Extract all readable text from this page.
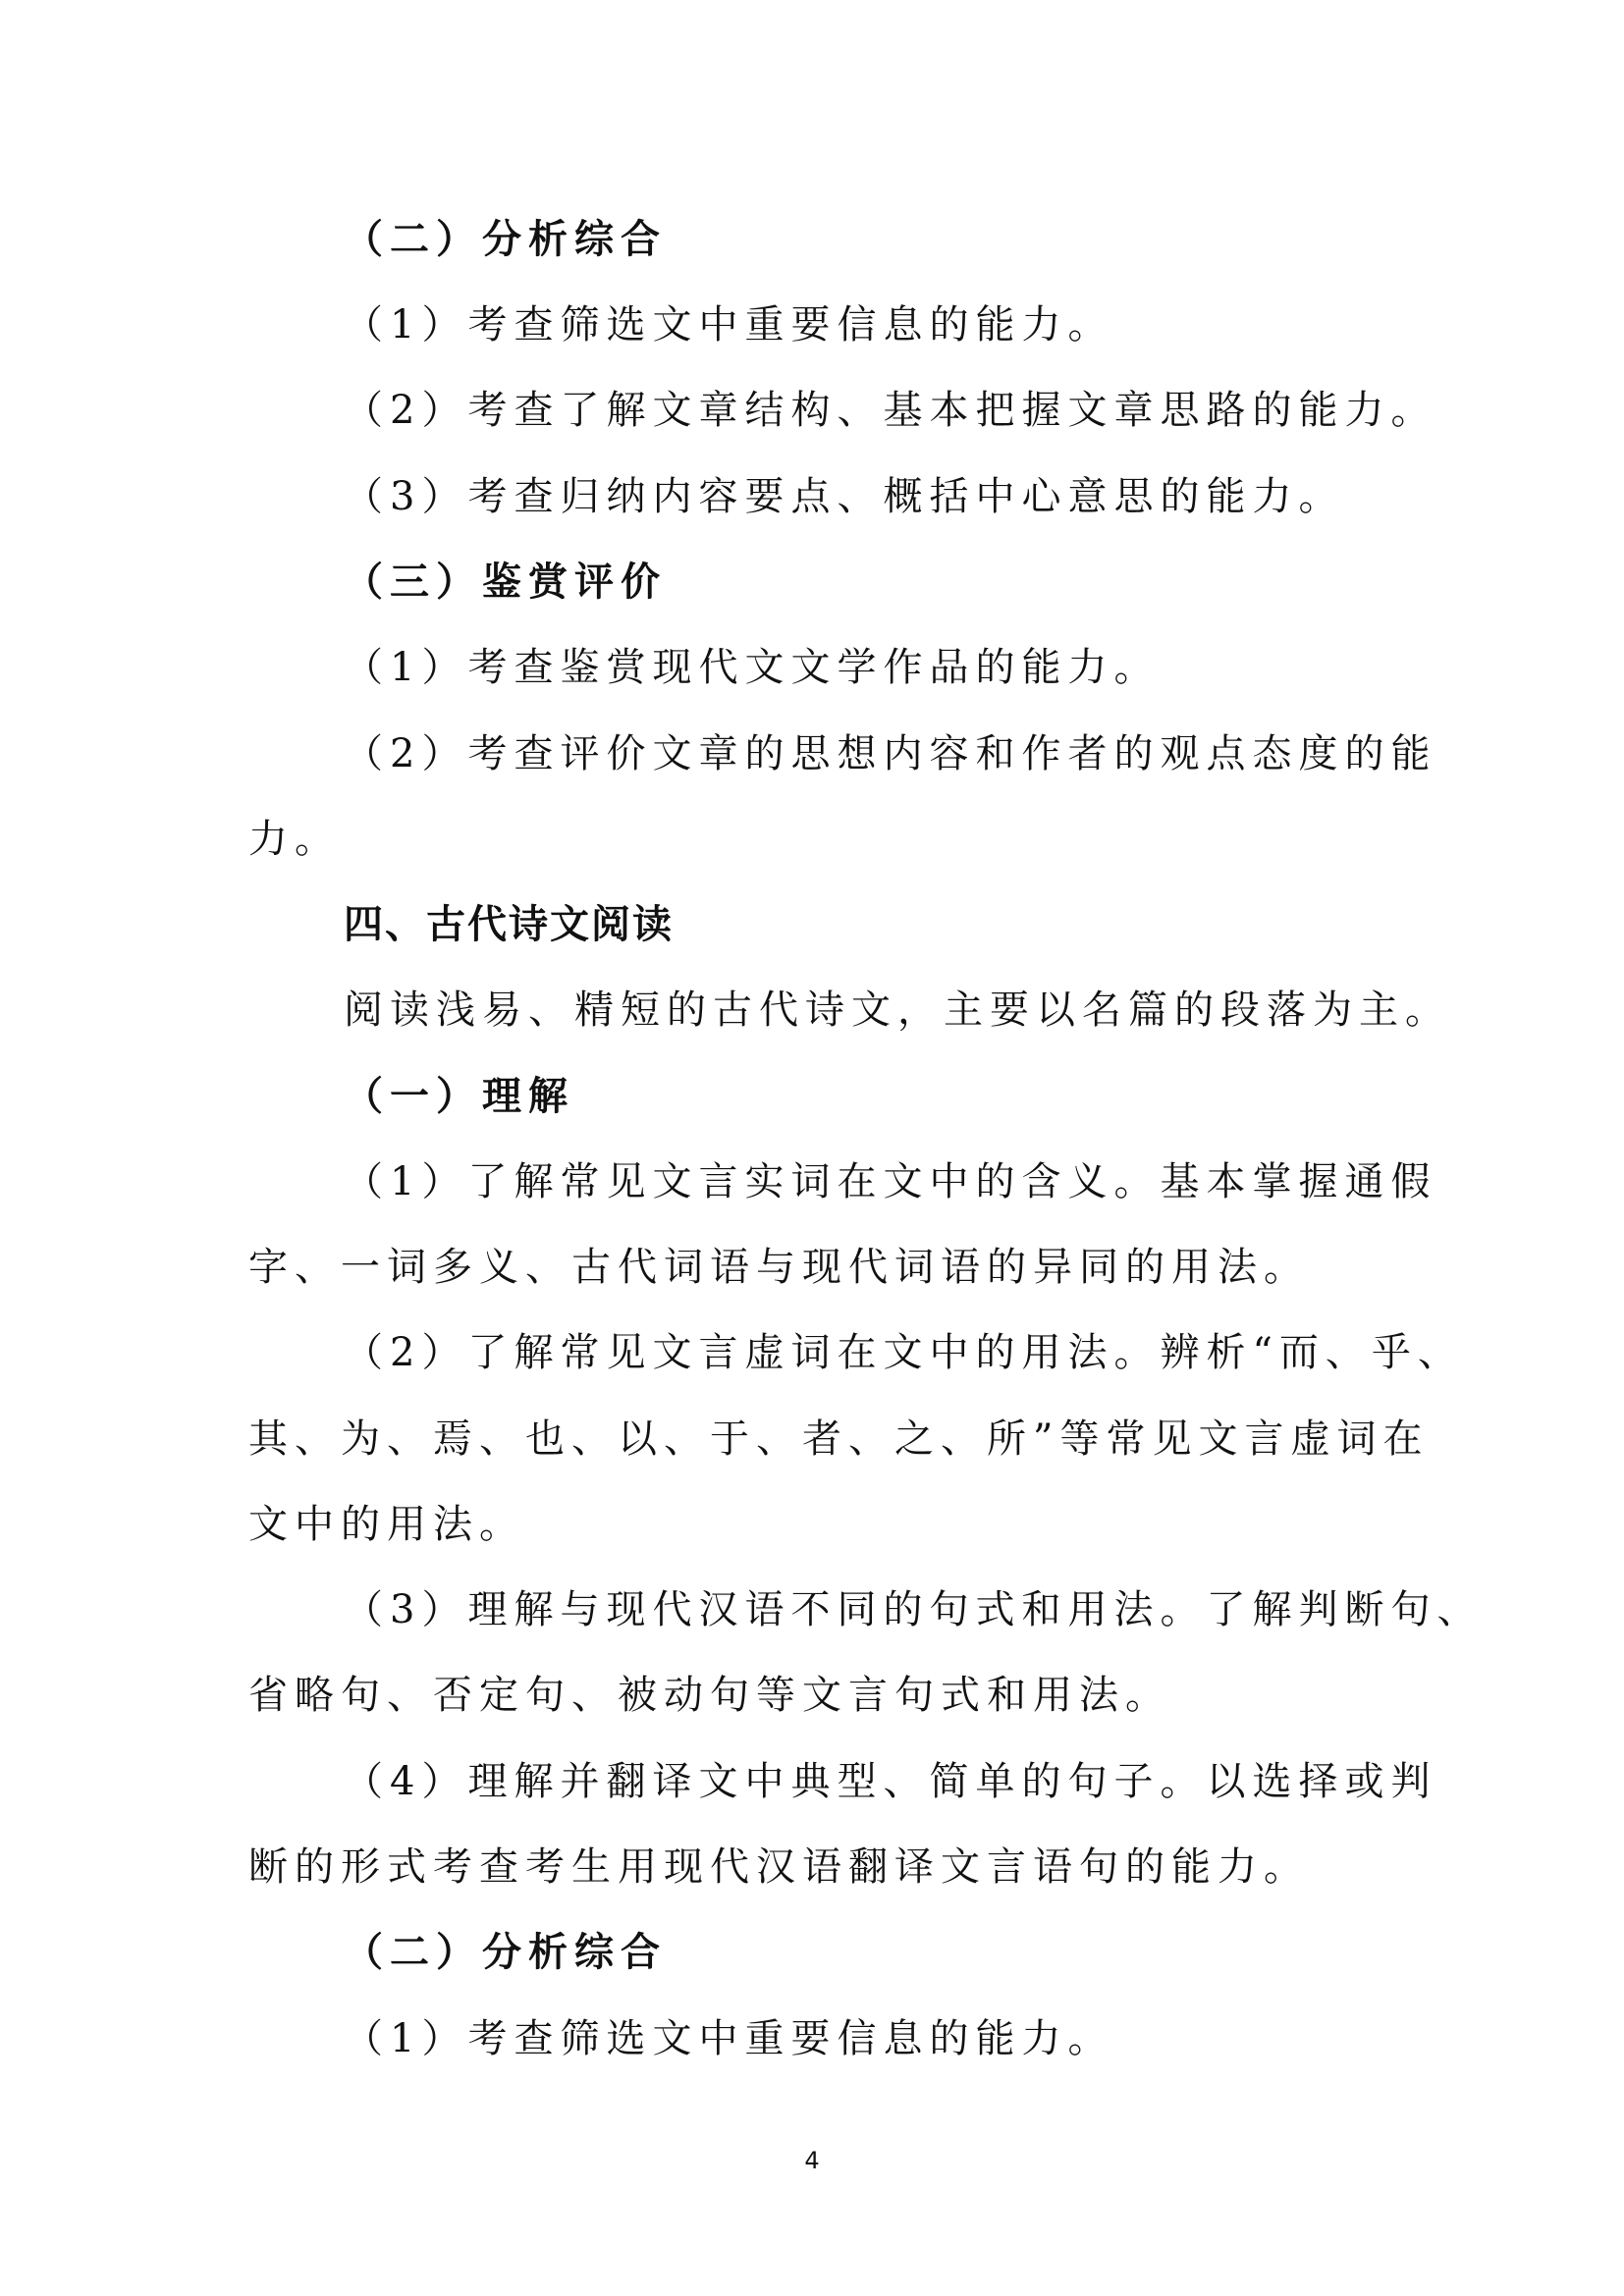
（二）分析综合
（1）考查筛选文中重要信息的能力。
（2）考查了解文章结构、基本把握文章思路的能力。
（3）考查归纳内容要点、概括中心意思的能力。
（三）鉴赏评价
（1）考查鉴赏现代文文学作品的能力。
（2）考查评价文章的思想内容和作者的观点态度的能
力。
四、古代诗文阅读
阅读浅易、精短的古代诗文，主要以名篇的段落为主。
（一）理解
（1）了解常见文言实词在文中的含义。基本掌握通假
字、一词多义、古代词语与现代词语的异同的用法。
（2）了解常见文言虚词在文中的用法。辨析“而、乎、
其、为、焉、也、以、于、者、之、所”等常见文言虚词在
文中的用法。
（3）理解与现代汉语不同的句式和用法。了解判断句、
省略句、否定句、被动句等文言句式和用法。
（4）理解并翻译文中典型、简单的句子。以选择或判
断的形式考查考生用现代汉语翻译文言语句的能力。
（二）分析综合
（1）考查筛选文中重要信息的能力。
4
